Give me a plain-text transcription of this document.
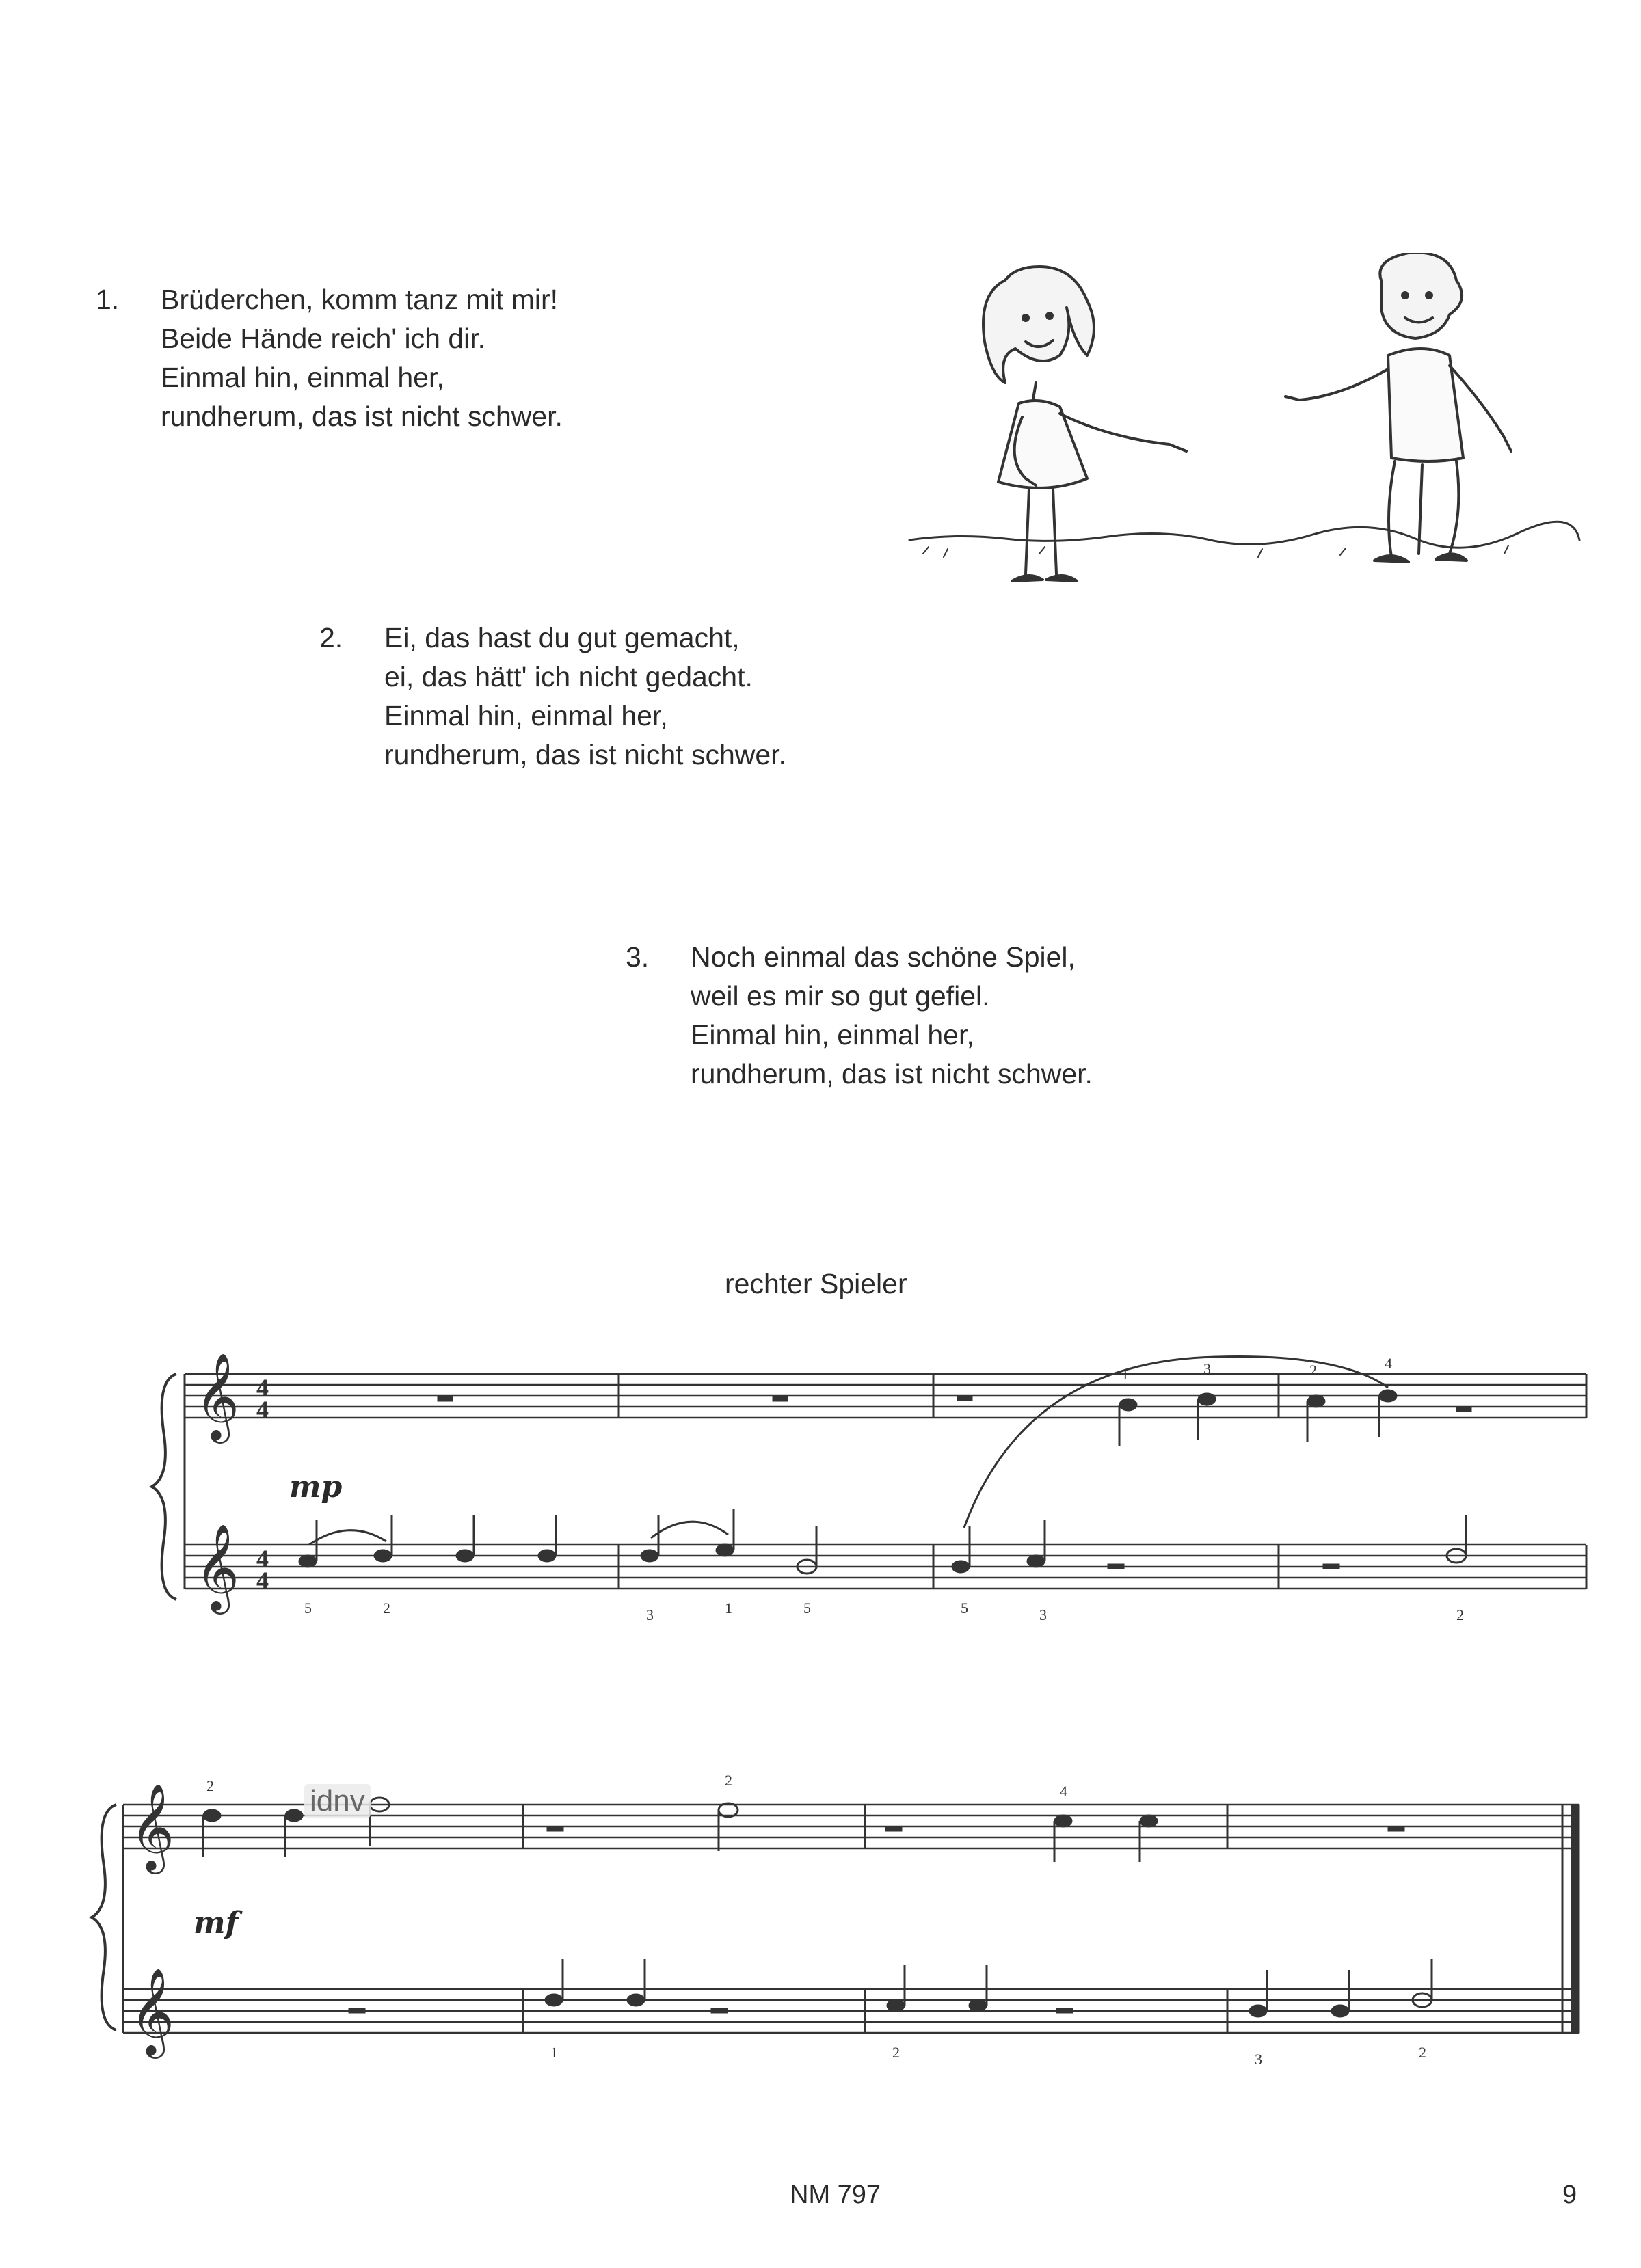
1. Brüderchen, komm tanz mit mir!
Beide Hände reich' ich dir.
Einmal hin, einmal her,
rundherum, das ist nicht schwer.
2. Ei, das hast du gut gemacht,
ei, das hätt' ich nicht gedacht.
Einmal hin, einmal her,
rundherum, das ist nicht schwer.
3. Noch einmal das schöne Spiel,
weil es mir so gut gefiel.
Einmal hin, einmal her,
rundherum, das ist nicht schwer.
rechter Spieler
𝄞
𝄞
4
4
4
4
1	3	2	4
5	2	3	1	5	5	3	2
mp
𝄞
𝄞
2	2
4
1	2	3	2
mf
idnv
NM 797	9
